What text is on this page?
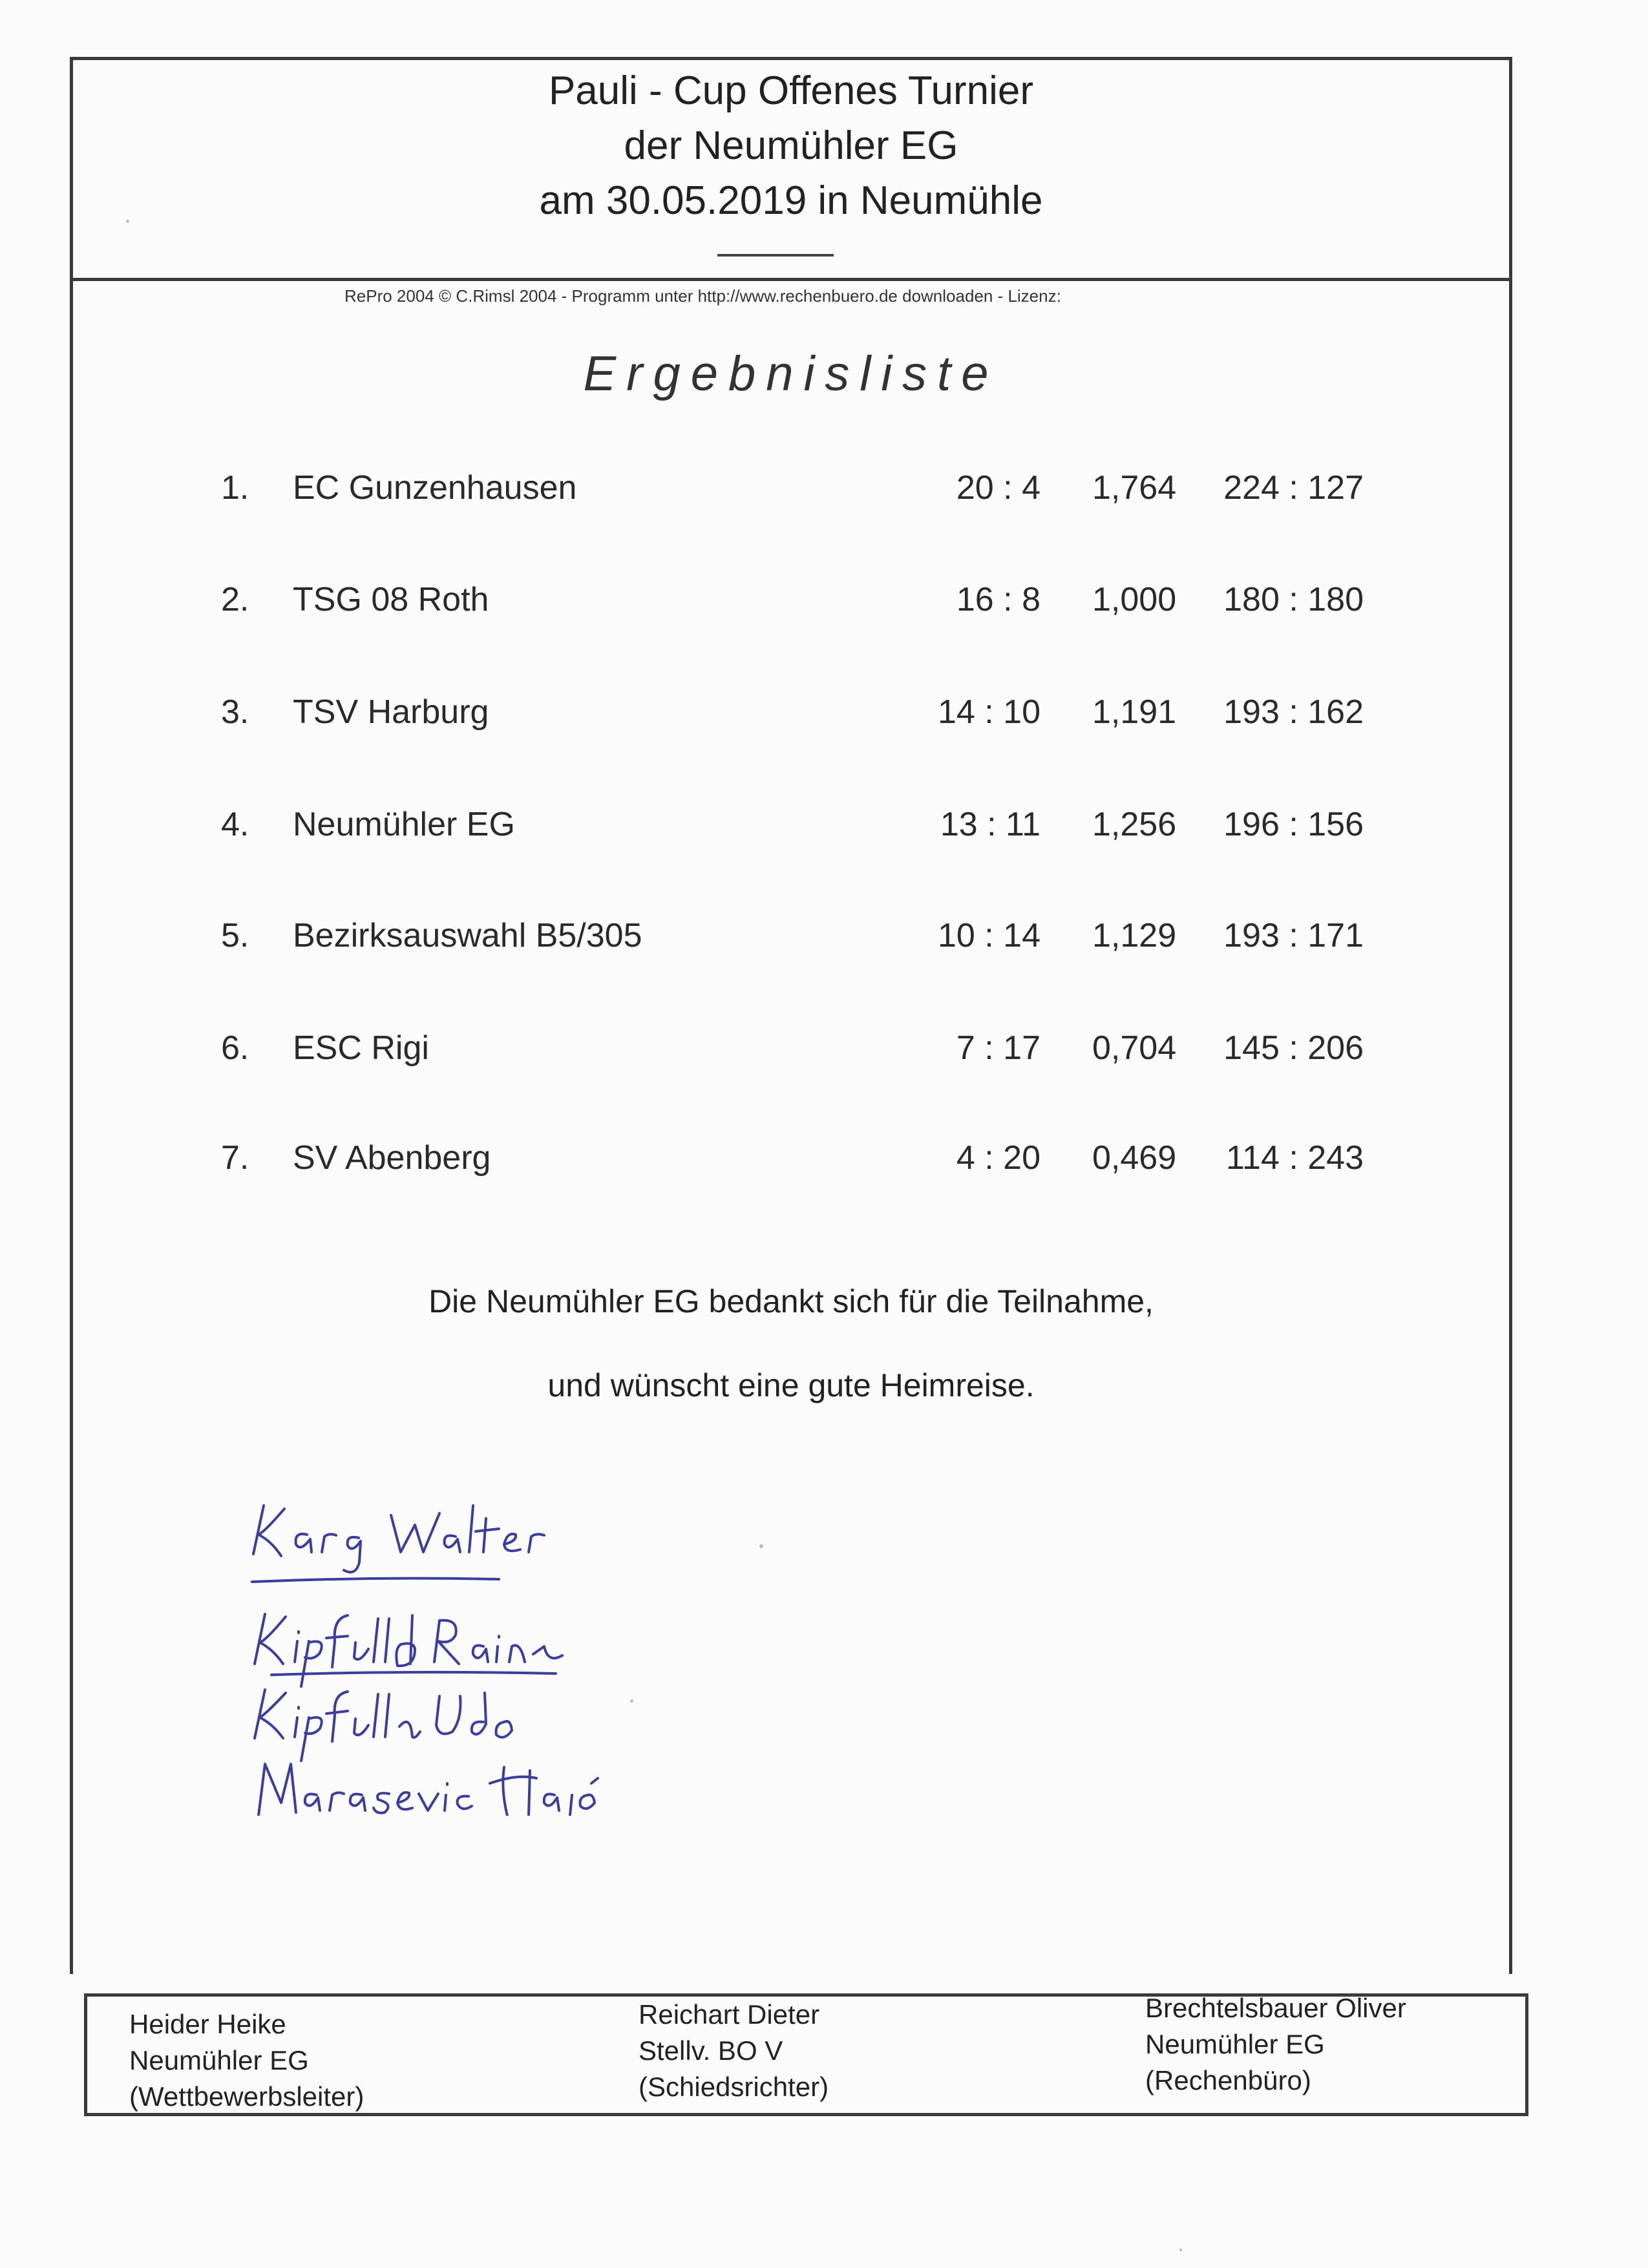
Pauli - Cup Offenes Turnier
der Neumühler EG
am 30.05.2019 in Neumühle
RePro 2004 © C.Rimsl 2004 - Programm unter http://www.rechenbuero.de downloaden - Lizenz:
Ergebnisliste
1. EC Gunzenhausen	20 : 4 1,764 224 : 127
2. TSG 08 Roth	16 : 8 1,000 180 : 180
3. TSV Harburg	14 : 10 1,191 193 : 162
4. Neumühler EG	13 : 11 1,256 196 : 156
5. Bezirksauswahl B5/305	10 : 14 1,129 193 : 171
6. ESC Rigi	7 : 17 0,704 145 : 206
7. SV Abenberg	4 : 20 0,469	114 : 243
Die Neumühler EG bedankt sich für die Teilnahme,
und wünscht eine gute Heimreise.
Heider Heike
Neumühler EG
(Wettbewerbsleiter)
Reichart Dieter
Stellv. BO V
(Schiedsrichter)
Brechtelsbauer Oliver
Neumühler EG
(Rechenbüro)
